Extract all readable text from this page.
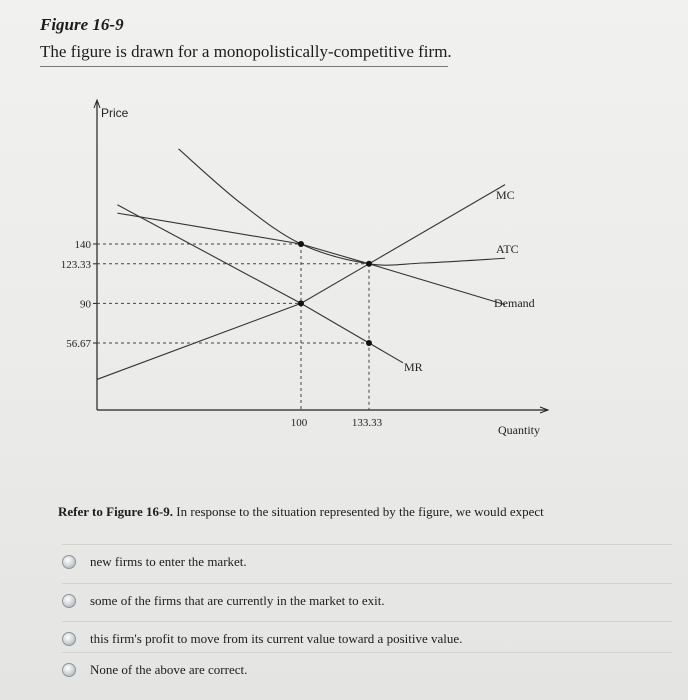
Figure 16-9
The figure is drawn for a monopolistically-competitive firm.
Price
Quantity
140
123.33
90
56.67
100	133.33
MC
ATC
Demand
MR
Refer to Figure 16-9. In response to the situation represented by the figure, we would expect
new firms to enter the market.
some of the firms that are currently in the market to exit.
this firm's profit to move from its current value toward a positive value.
None of the above are correct.
